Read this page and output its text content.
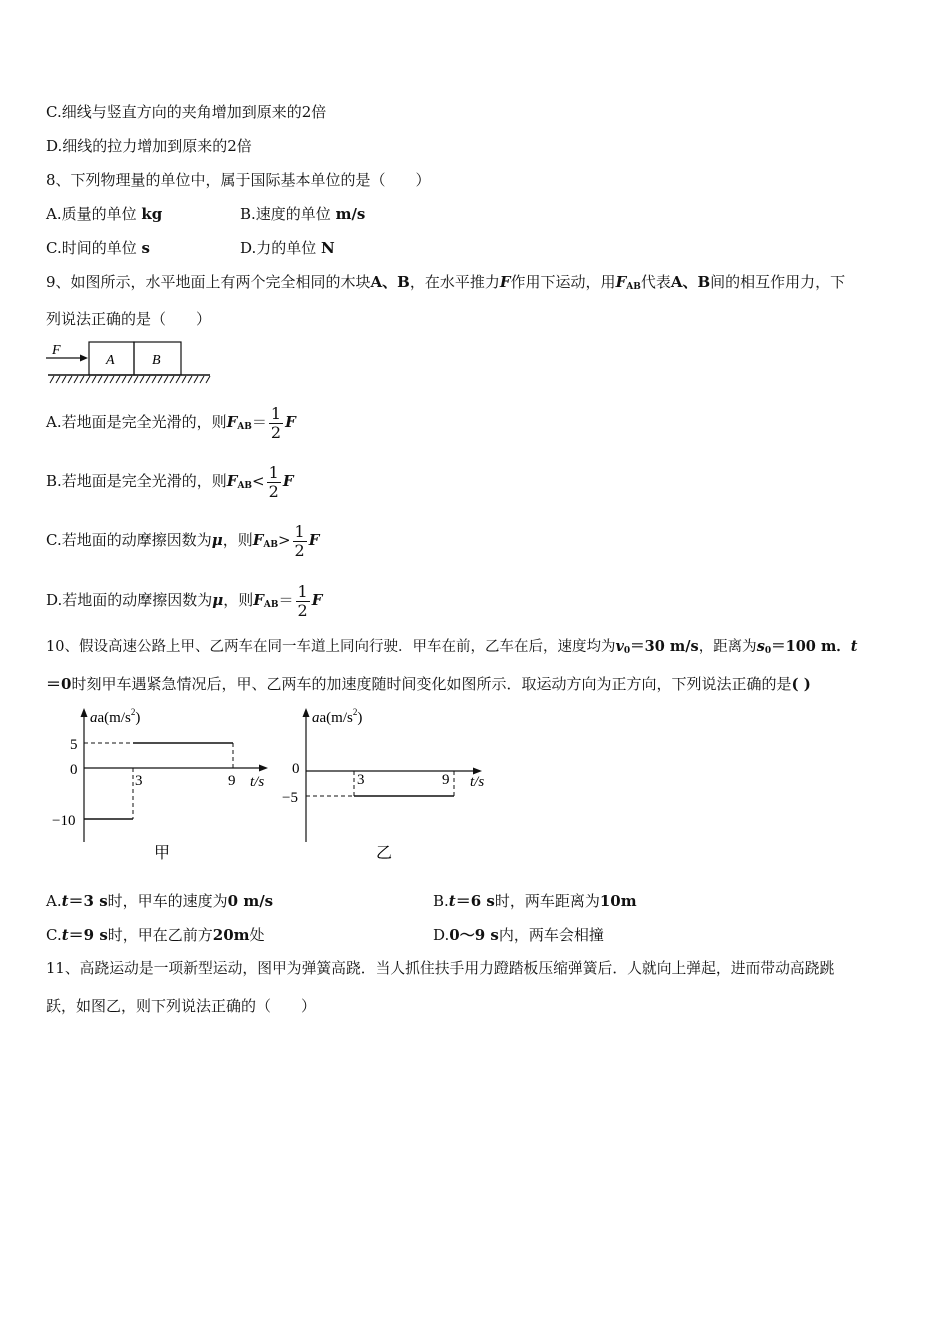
C.细线与竖直方向的夹角增加到原来的2倍
D.细线的拉力增加到原来的2倍
8、下列物理量的单位中，属于国际基本单位的是（　　）
A.质量的单位 kg	B.速度的单位 m/s
C.时间的单位 s	D.力的单位 N
9、如图所示，水平地面上有两个完全相同的木块A、B，在水平推力F作用下运动，用$F_{AB}$代表A、B间的相互作用力，下
列说法正确的是（　　）
F
A	B
A.若地面是完全光滑的，则$F_{AB}= \frac{1}{2}$ F
B.若地面是完全光滑的，则$F_{AB}< \frac{1}{2}$ F
C.若地面的动摩擦因数为μ，则$F_{AB}> \frac{1}{2}$ F
D.若地面的动摩擦因数为μ，则$F_{AB}= \frac{1}{2}$ F
10、假设高速公路上甲、乙两车在同一车道上同向行驶．甲车在前，乙车在后，速度均为$v_0=30$ m/s，距离为$s_0=100$ m．t
＝0时刻甲车遇紧急情况后，甲、乙两车的加速度随时间变化如图所示．取运动方向为正方向，下列说法正确的是( )
$aa(m/s^2)$
5
0
−10
3	9 t/s
甲
$aa(m/s^2)$
0
−5
3	9 t/s
乙
A.t＝3 s时，甲车的速度为0 m/s	B.t＝6 s时，两车距离为10m
C.t＝9 s时，甲在乙前方20m处	D.0～9 s内，两车会相撞
11、高跷运动是一项新型运动，图甲为弹簧高跷．当人抓住扶手用力蹬踏板压缩弹簧后．人就向上弹起，进而带动高跷跳
跃，如图乙，则下列说法正确的（　　）
